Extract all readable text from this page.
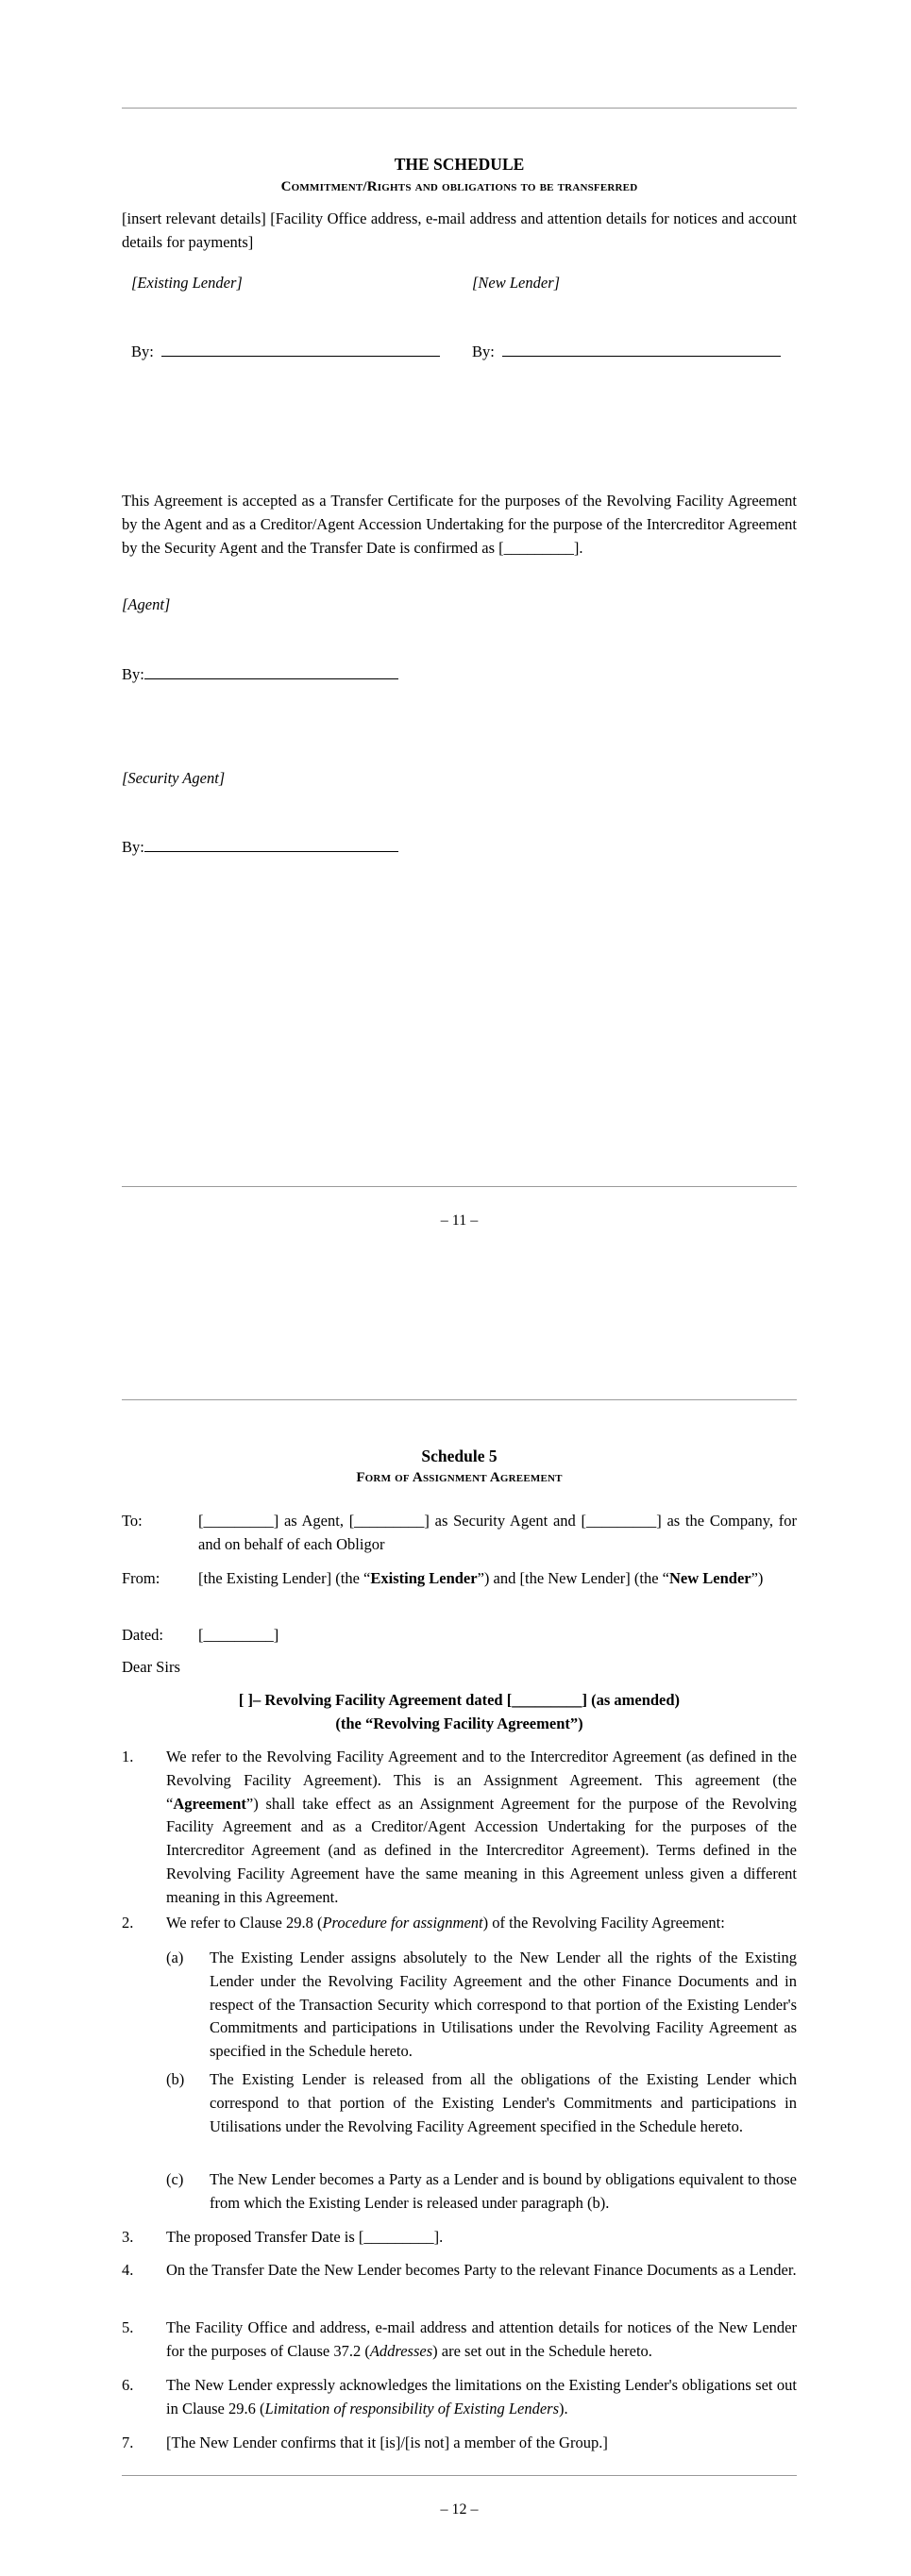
THE SCHEDULE
Commitment/Rights and obligations to be transferred

[insert relevant details] [Facility Office address, e-mail address and attention details for notices and account details for payments]

[Existing Lender]	[New Lender]
By:	By:

This Agreement is accepted as a Transfer Certificate for the purposes of the Revolving Facility Agreement by the Agent and as a Creditor/Agent Accession Undertaking for the purpose of the Intercreditor Agreement by the Security Agent and the Transfer Date is confirmed as [_________].

[Agent]
By:
[Security Agent]
By:
– 11 –
Schedule 5
Form of Assignment Agreement
To:	[_________] as Agent, [_________] as Security Agent and [_________] as the Company, for and on behalf of each Obligor
From:	[the Existing Lender] (the “Existing Lender”) and [the New Lender] (the “New Lender”)
Dated:	[_________]
Dear Sirs
[ ]– Revolving Facility Agreement dated [_________] (as amended)
(the “Revolving Facility Agreement”)
1.	We refer to the Revolving Facility Agreement and to the Intercreditor Agreement (as defined in the Revolving Facility Agreement). This is an Assignment Agreement. This agreement (the “Agreement”) shall take effect as an Assignment Agreement for the purpose of the Revolving Facility Agreement and as a Creditor/Agent Accession Undertaking for the purposes of the Intercreditor Agreement (and as defined in the Intercreditor Agreement). Terms defined in the Revolving Facility Agreement have the same meaning in this Agreement unless given a different meaning in this Agreement.
2.	We refer to Clause 29.8 (Procedure for assignment) of the Revolving Facility Agreement:
(a)	The Existing Lender assigns absolutely to the New Lender all the rights of the Existing Lender under the Revolving Facility Agreement and the other Finance Documents and in respect of the Transaction Security which correspond to that portion of the Existing Lender's Commitments and participations in Utilisations under the Revolving Facility Agreement as specified in the Schedule hereto.
(b)	The Existing Lender is released from all the obligations of the Existing Lender which correspond to that portion of the Existing Lender's Commitments and participations in Utilisations under the Revolving Facility Agreement specified in the Schedule hereto.
(c)	The New Lender becomes a Party as a Lender and is bound by obligations equivalent to those from which the Existing Lender is released under paragraph (b).
3.	The proposed Transfer Date is [_________].
4.	On the Transfer Date the New Lender becomes Party to the relevant Finance Documents as a Lender.
5.	The Facility Office and address, e-mail address and attention details for notices of the New Lender for the purposes of Clause 37.2 (Addresses) are set out in the Schedule hereto.
6.	The New Lender expressly acknowledges the limitations on the Existing Lender's obligations set out in Clause 29.6 (Limitation of responsibility of Existing Lenders).
7.	[The New Lender confirms that it [is]/[is not] a member of the Group.]
– 12 –
